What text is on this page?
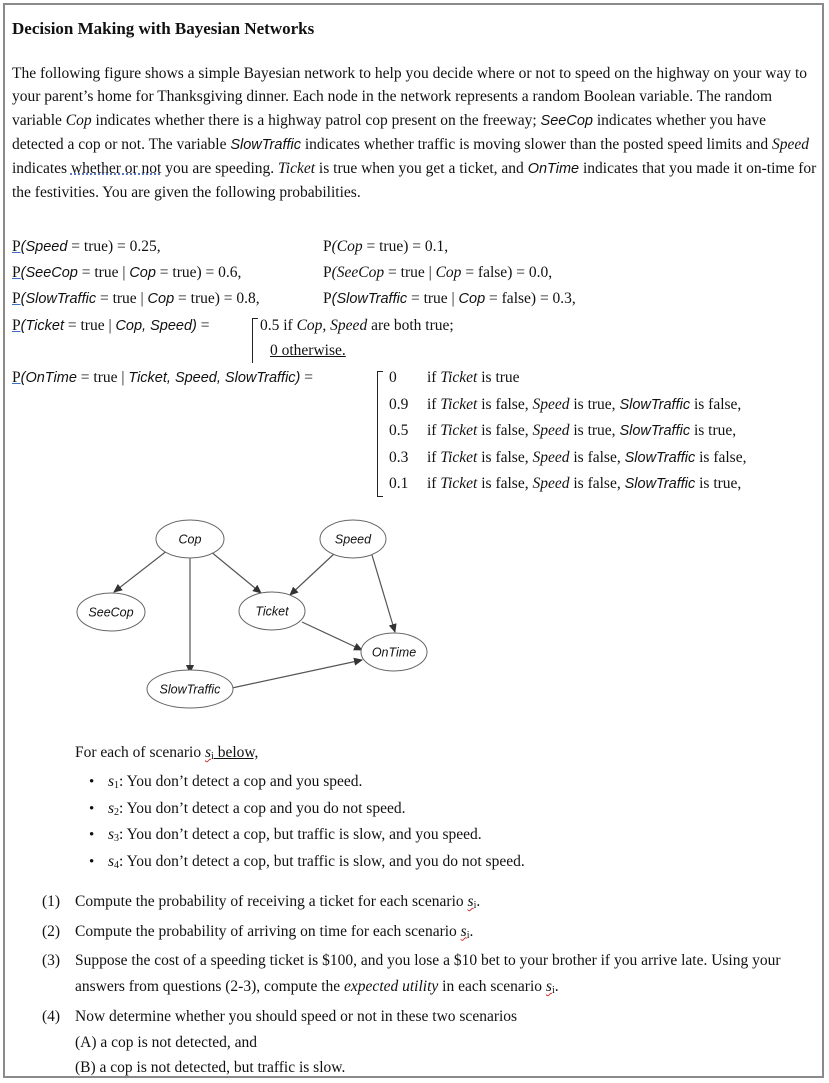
Decision Making with Bayesian Networks

The following figure shows a simple Bayesian network to help you decide where or not to speed on the highway on your way to your parent’s home for Thanksgiving dinner. Each node in the network represents a random Boolean variable. The random variable Cop indicates whether there is a highway patrol cop present on the freeway; SeeCop indicates whether you have detected a cop or not. The variable SlowTraffic indicates whether traffic is moving slower than the posted speed limits and Speed indicates whether or not you are speeding. Ticket is true when you get a ticket, and OnTime indicates that you made it on-time for the festivities. You are given the following probabilities.

P(Speed = true) = 0.25,	P(Cop = true) = 0.1,
P(SeeCop = true | Cop = true) = 0.6,	P(SeeCop = true | Cop = false) = 0.0,
P(SlowTraffic = true | Cop = true) = 0.8,	P(SlowTraffic = true | Cop = false) = 0.3,
P(Ticket = true | Cop, Speed) =	0.5 if Cop, Speed are both true;
0 otherwise.
P(OnTime = true | Ticket, Speed, SlowTraffic) =	0 if Ticket is true
0.9 if Ticket is false, Speed is true, SlowTraffic is false,
0.5 if Ticket is false, Speed is true, SlowTraffic is true,
0.3 if Ticket is false, Speed is false, SlowTraffic is false,
0.1 if Ticket is false, Speed is false, SlowTraffic is true,
Cop	Speed
SeeCop	Ticket
OnTime
SlowTraffic
For each of scenario $s_i$ below,
• $s_1$: You don’t detect a cop and you speed.
• $s_2$: You don’t detect a cop and you do not speed.
• $s_3$: You don’t detect a cop, but traffic is slow, and you speed.
• $s_4$: You don’t detect a cop, but traffic is slow, and you do not speed.
(1) Compute the probability of receiving a ticket for each scenario $s_i$.
(2) Compute the probability of arriving on time for each scenario $s_i$.
(3) Suppose the cost of a speeding ticket is $100, and you lose a $10 bet to your brother if you arrive late. Using your answers from questions (2-3), compute the expected utility in each scenario $s_i$.
(4) Now determine whether you should speed or not in these two scenarios
(A) a cop is not detected, and
(B) a cop is not detected, but traffic is slow.
